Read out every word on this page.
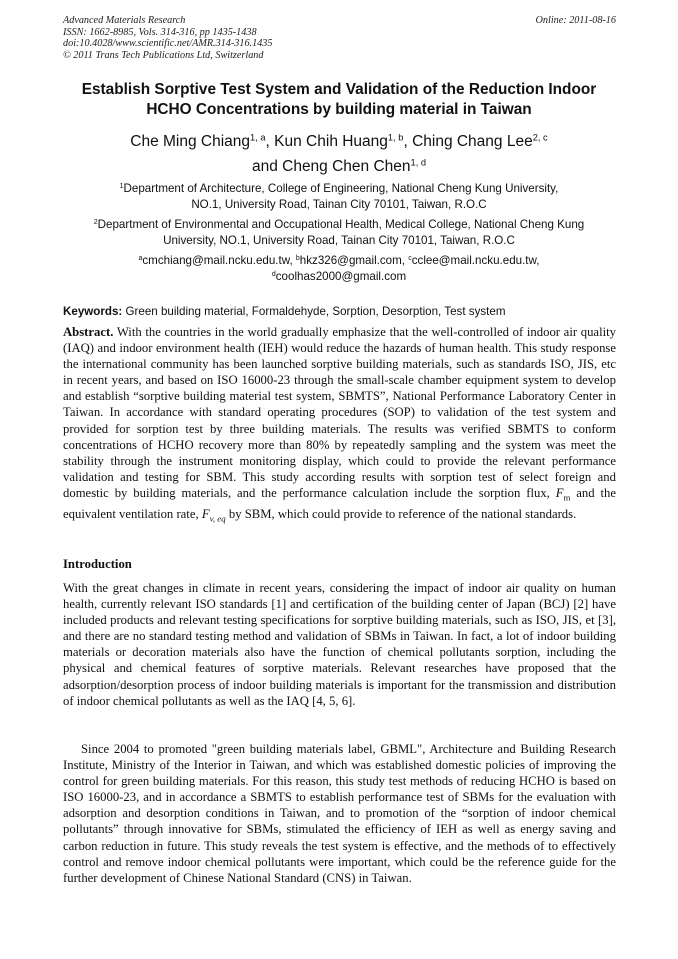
Advanced Materials Research
ISSN: 1662-8985, Vols. 314-316, pp 1435-1438
doi:10.4028/www.scientific.net/AMR.314-316.1435
© 2011 Trans Tech Publications Ltd, Switzerland
Online: 2011-08-16
Establish Sorptive Test System and Validation of the Reduction Indoor
HCHO Concentrations by building material in Taiwan
Che Ming Chiang$^{1, a}$, Kun Chih Huang$^{1, b}$, Ching Chang Lee$^{2, c}$
and Cheng Chen Chen$^{1, d}$
$^1$Department of Architecture, College of Engineering, National Cheng Kung University,
NO.1, University Road, Tainan City 70101, Taiwan, R.O.C
$^2$Department of Environmental and Occupational Health, Medical College, National Cheng Kung
University, NO.1, University Road, Tainan City 70101, Taiwan, R.O.C
$^a$cmchiang@mail.ncku.edu.tw, $^b$hkz326@gmail.com, $^c$cclee@mail.ncku.edu.tw,
$^d$coolhas2000@gmail.com
Keywords: Green building material, Formaldehyde, Sorption, Desorption, Test system
Abstract. With the countries in the world gradually emphasize that the well-controlled of indoor air quality (IAQ) and indoor environment health (IEH) would reduce the hazards of human health. This study response the international community has been launched sorptive building materials, such as standards ISO, JIS, etc in recent years, and based on ISO 16000-23 through the small-scale chamber equipment system to develop and establish “sorptive building material test system, SBMTS”, National Performance Laboratory Center in Taiwan. In accordance with standard operating procedures (SOP) to validation of the test system and provided for sorption test by three building materials. The results was verified SBMTS to conform concentrations of HCHO recovery more than 80% by repeatedly sampling and the system was meet the stability through the instrument monitoring display, which could to provide the relevant performance validation and testing for SBM. This study according results with sorption test of select foreign and domestic by building materials, and the performance calculation include the sorption flux, $F_m$ and the equivalent ventilation rate, $F_{v, eq}$ by SBM, which could provide to reference of the national standards.
Introduction
With the great changes in climate in recent years, considering the impact of indoor air quality on human health, currently relevant ISO standards [1] and certification of the building center of Japan (BCJ) [2] have included products and relevant testing specifications for sorptive building materials, such as ISO, JIS, et [3], and there are no standard testing method and validation of SBMs in Taiwan. In fact, a lot of indoor building materials or decoration materials also have the function of chemical pollutants sorption, including the physical and chemical features of sorptive materials. Relevant researches have proposed that the adsorption/desorption process of indoor building materials is important for the transmission and distribution of indoor chemical pollutants as well as the IAQ [4, 5, 6].
Since 2004 to promoted "green building materials label, GBML", Architecture and Building Research Institute, Ministry of the Interior in Taiwan, and which was established domestic policies of improving the control for green building materials. For this reason, this study test methods of reducing HCHO is based on ISO 16000-23, and in accordance a SBMTS to establish performance test of SBMs for the evaluation with adsorption and desorption conditions in Taiwan, and to promotion of the “sorption of indoor chemical pollutants” through innovative for SBMs, stimulated the efficiency of IEH as well as energy saving and carbon reduction in future. This study reveals the test system is effective, and the methods of to effectively control and remove indoor chemical pollutants were important, which could be the reference guide for the further development of Chinese National Standard (CNS) in Taiwan.
